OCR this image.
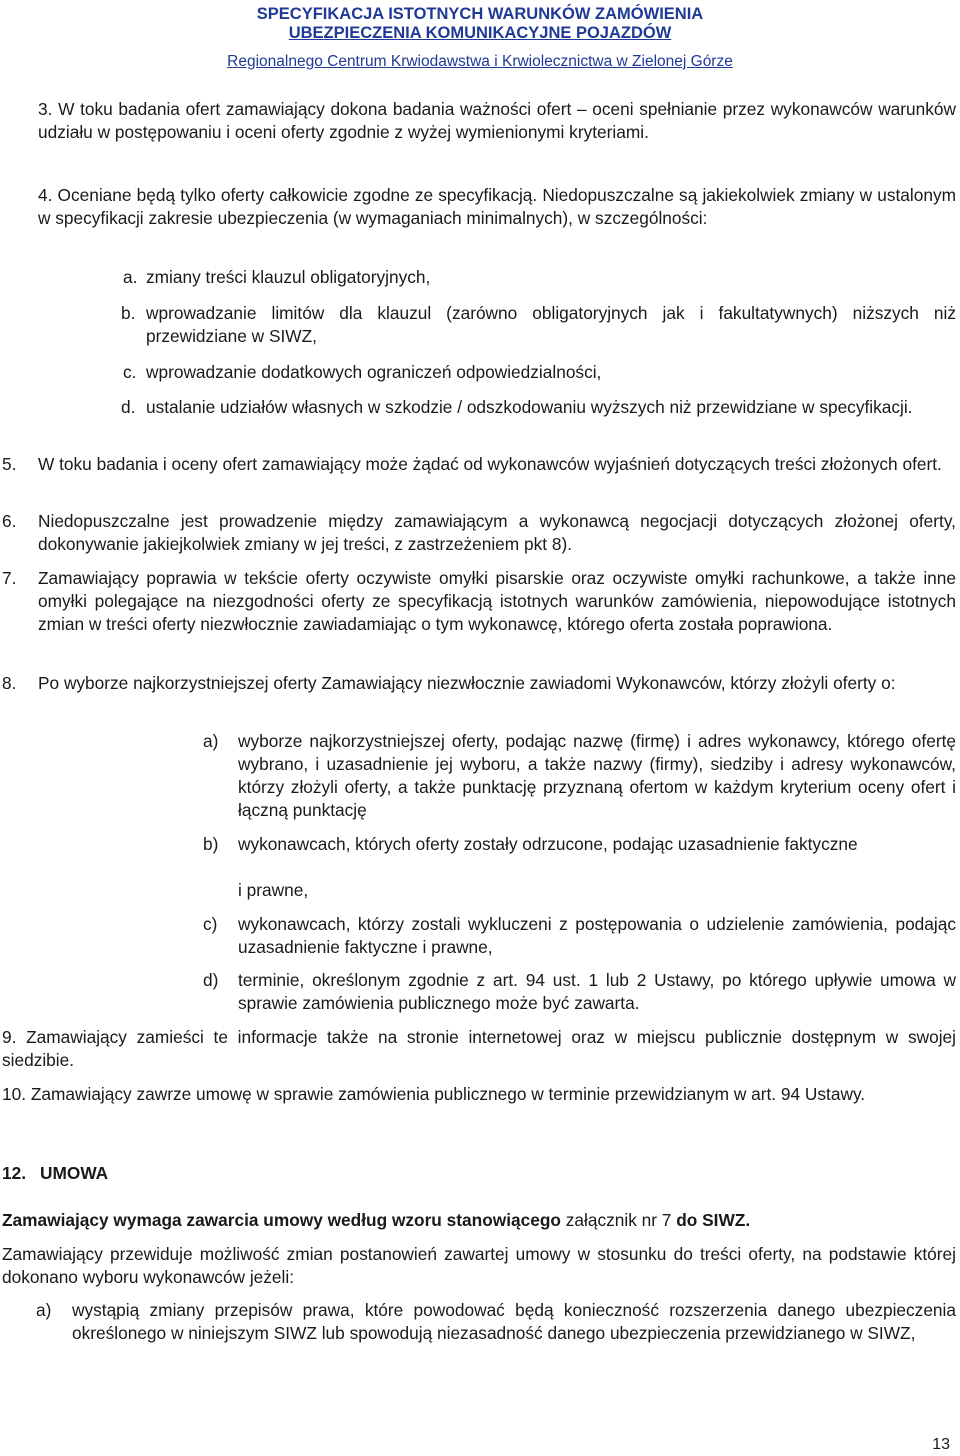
SPECYFIKACJA ISTOTNYCH WARUNKÓW ZAMÓWIENIA
UBEZPIECZENIA KOMUNIKACYJNE POJAZDÓW
Regionalnego Centrum Krwiodawstwa i Krwiolecznictwa w Zielonej Górze
3. W toku badania ofert zamawiający dokona badania ważności ofert – oceni spełnianie przez wykonawców warunków udziału w postępowaniu i oceni oferty zgodnie z wyżej wymienionymi kryteriami.
4. Oceniane będą tylko oferty całkowicie zgodne ze specyfikacją. Niedopuszczalne są jakiekolwiek zmiany w ustalonym w specyfikacji zakresie ubezpieczenia (w wymaganiach minimalnych), w szczególności:
a. zmiany treści klauzul obligatoryjnych,
b. wprowadzanie limitów dla klauzul (zarówno obligatoryjnych jak i fakultatywnych) niższych niż przewidziane w SIWZ,
c. wprowadzanie dodatkowych ograniczeń odpowiedzialności,
d. ustalanie udziałów własnych w szkodzie / odszkodowaniu wyższych niż przewidziane w specyfikacji.
5. W toku badania i oceny ofert zamawiający może żądać od wykonawców wyjaśnień dotyczących treści złożonych ofert.
6. Niedopuszczalne jest prowadzenie między zamawiającym a wykonawcą negocjacji dotyczących złożonej oferty, dokonywanie jakiejkolwiek zmiany w jej treści, z zastrzeżeniem pkt 8).
7. Zamawiający poprawia w tekście oferty oczywiste omyłki pisarskie oraz oczywiste omyłki rachunkowe, a także inne omyłki polegające na niezgodności oferty ze specyfikacją istotnych warunków zamówienia, niepowodujące istotnych zmian w treści oferty niezwłocznie zawiadamiając o tym wykonawcę, którego oferta została poprawiona.
8. Po wyborze najkorzystniejszej oferty Zamawiający niezwłocznie zawiadomi Wykonawców, którzy złożyli oferty o:
a) wyborze najkorzystniejszej oferty, podając nazwę (firmę) i adres wykonawcy, którego ofertę wybrano, i uzasadnienie jej wyboru, a także nazwy (firmy), siedziby i adresy wykonawców, którzy złożyli oferty, a także punktację przyznaną ofertom w każdym kryterium oceny ofert i łączną punktację
b) wykonawcach, których oferty zostały odrzucone, podając uzasadnienie faktyczne
i prawne,
c) wykonawcach, którzy zostali wykluczeni z postępowania o udzielenie zamówienia, podając uzasadnienie faktyczne i prawne,
d) terminie, określonym zgodnie z art. 94 ust. 1 lub 2 Ustawy, po którego upływie umowa w sprawie zamówienia publicznego może być zawarta.
9. Zamawiający zamieści te informacje także na stronie internetowej oraz w miejscu publicznie dostępnym w swojej siedzibie.
10. Zamawiający zawrze umowę w sprawie zamówienia publicznego w terminie przewidzianym w art. 94 Ustawy.
12. UMOWA
Zamawiający wymaga zawarcia umowy według wzoru stanowiącego załącznik nr 7 do SIWZ.
Zamawiający przewiduje możliwość zmian postanowień zawartej umowy w stosunku do treści oferty, na podstawie której dokonano wyboru wykonawców jeżeli:
a) wystąpią zmiany przepisów prawa, które powodować będą konieczność rozszerzenia danego ubezpieczenia określonego w niniejszym SIWZ lub spowodują niezasadność danego ubezpieczenia przewidzianego w SIWZ,
13
